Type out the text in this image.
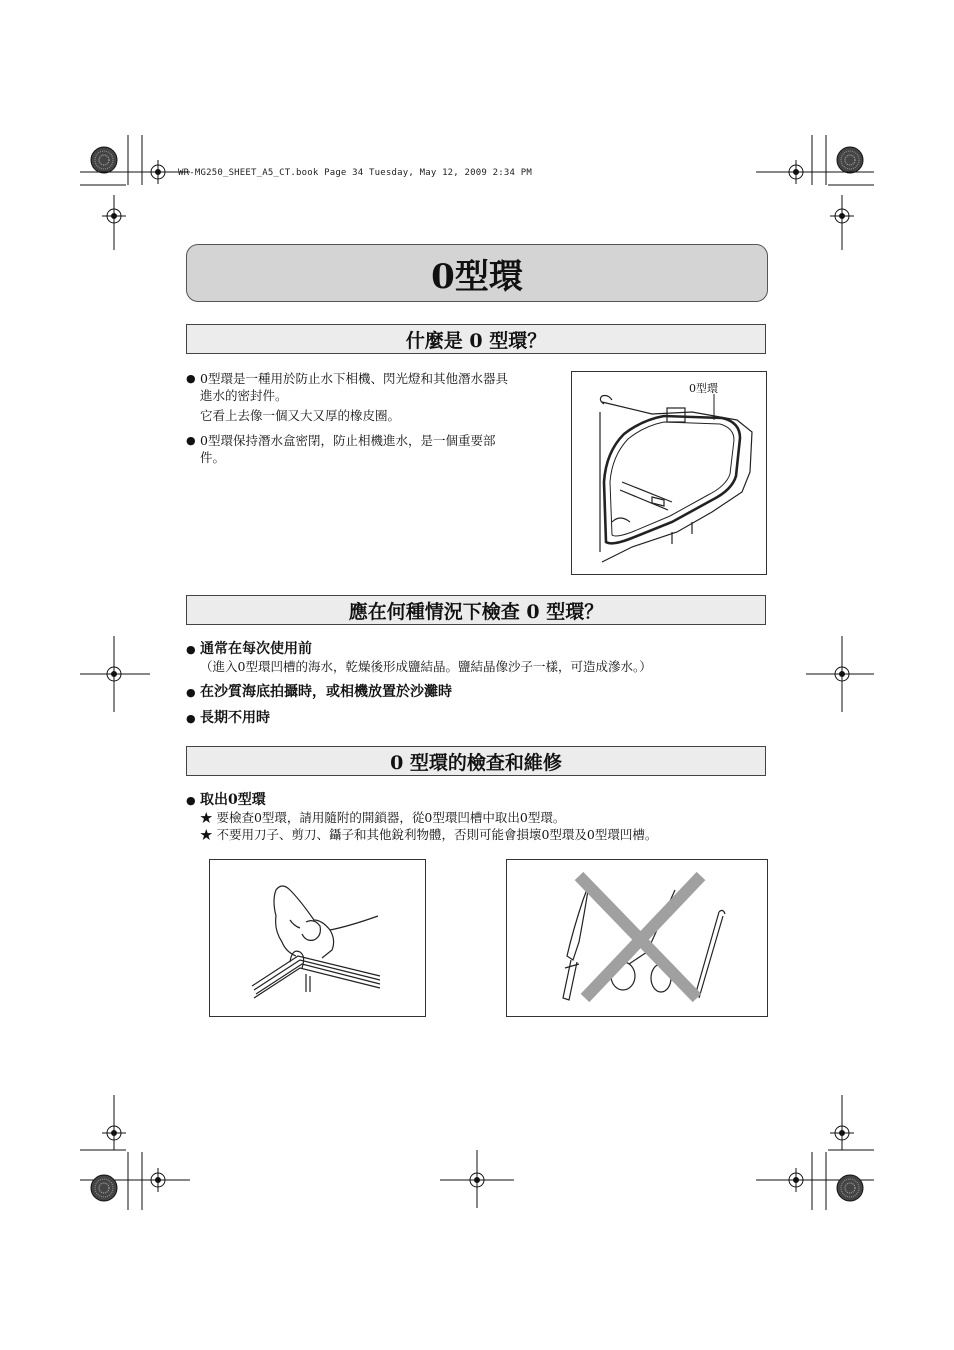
WR-MG250_SHEET_A5_CT.book Page 34 Tuesday, May 12, 2009 2:34 PM
0型環
什麼是 0 型環？
● 0型環是一種用於防止水下相機、閃光燈和其他潛水器具
進水的密封件。
它看上去像一個又大又厚的橡皮圈。
● 0型環保持潛水盒密閉，防止相機進水，是一個重要部
件。
0型環
應在何種情況下檢查 0 型環？
● 通常在每次使用前
（進入0型環凹槽的海水，乾燥後形成鹽結晶。鹽結晶像沙子一樣，可造成滲水。）
● 在沙質海底拍攝時，或相機放置於沙灘時
● 長期不用時
0 型環的檢查和維修
● 取出0型環
★ 要檢查0型環，請用隨附的開鎖器，從0型環凹槽中取出0型環。
★ 不要用刀子、剪刀、鑷子和其他銳利物體，否則可能會損壞0型環及0型環凹槽。
